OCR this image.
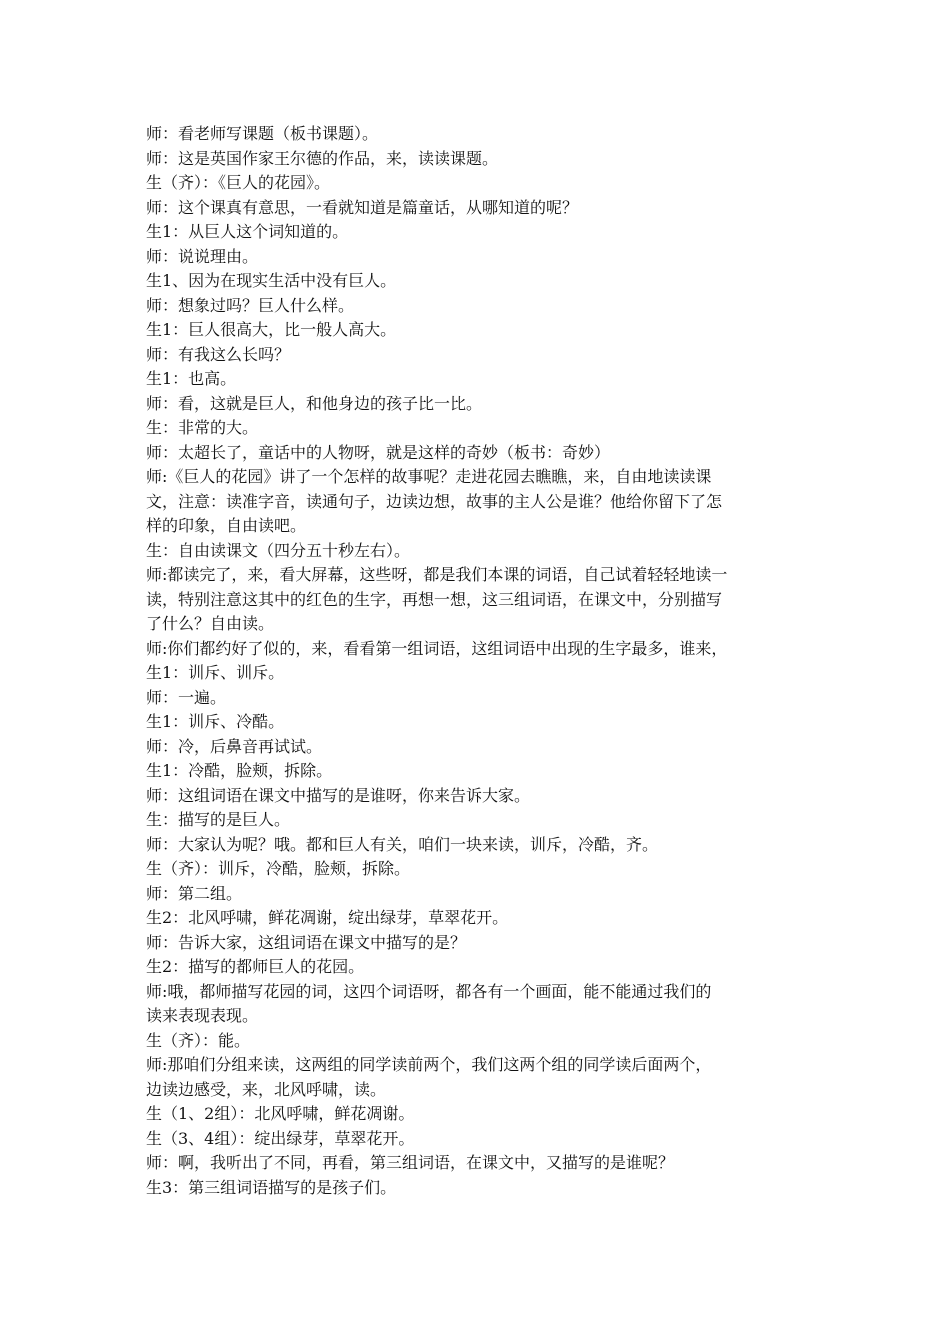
师：看老师写课题（板书课题）。
师：这是英国作家王尔德的作品，来，读读课题。
生（齐）：《巨人的花园》。
师：这个课真有意思，一看就知道是篇童话，从哪知道的呢？
生1：从巨人这个词知道的。
师：说说理由。
生1、因为在现实生活中没有巨人。
师：想象过吗？巨人什么样。
生1：巨人很高大，比一般人高大。
师：有我这么长吗？
生1：也高。
师：看，这就是巨人，和他身边的孩子比一比。
生：非常的大。
师：太超长了，童话中的人物呀，就是这样的奇妙（板书：奇妙）
师:《巨人的花园》讲了一个怎样的故事呢？走进花园去瞧瞧，来，自由地读读课
文，注意：读准字音，读通句子，边读边想，故事的主人公是谁？他给你留下了怎
样的印象，自由读吧。
生：自由读课文（四分五十秒左右）。
师:都读完了，来，看大屏幕，这些呀，都是我们本课的词语，自己试着轻轻地读一
读，特别注意这其中的红色的生字，再想一想，这三组词语，在课文中，分别描写
了什么？自由读。
师:你们都约好了似的，来，看看第一组词语，这组词语中出现的生字最多，谁来，
生1：训斥、训斥。
师：一遍。
生1：训斥、冷酷。
师：冷，后鼻音再试试。
生1：冷酷，脸颊，拆除。
师：这组词语在课文中描写的是谁呀，你来告诉大家。
生：描写的是巨人。
师：大家认为呢？哦。都和巨人有关，咱们一块来读，训斥，冷酷，齐。
生（齐）：训斥，冷酷，脸颊，拆除。
师：第二组。
生2：北风呼啸，鲜花凋谢，绽出绿芽，草翠花开。
师：告诉大家，这组词语在课文中描写的是？
生2：描写的都师巨人的花园。
师:哦，都师描写花园的词，这四个词语呀，都各有一个画面，能不能通过我们的
读来表现表现。
生（齐）：能。
师:那咱们分组来读，这两组的同学读前两个，我们这两个组的同学读后面两个，
边读边感受，来，北风呼啸，读。
生（1、2组）：北风呼啸，鲜花凋谢。
生（3、4组）：绽出绿芽，草翠花开。
师：啊，我听出了不同，再看，第三组词语，在课文中，又描写的是谁呢？
生3：第三组词语描写的是孩子们。
